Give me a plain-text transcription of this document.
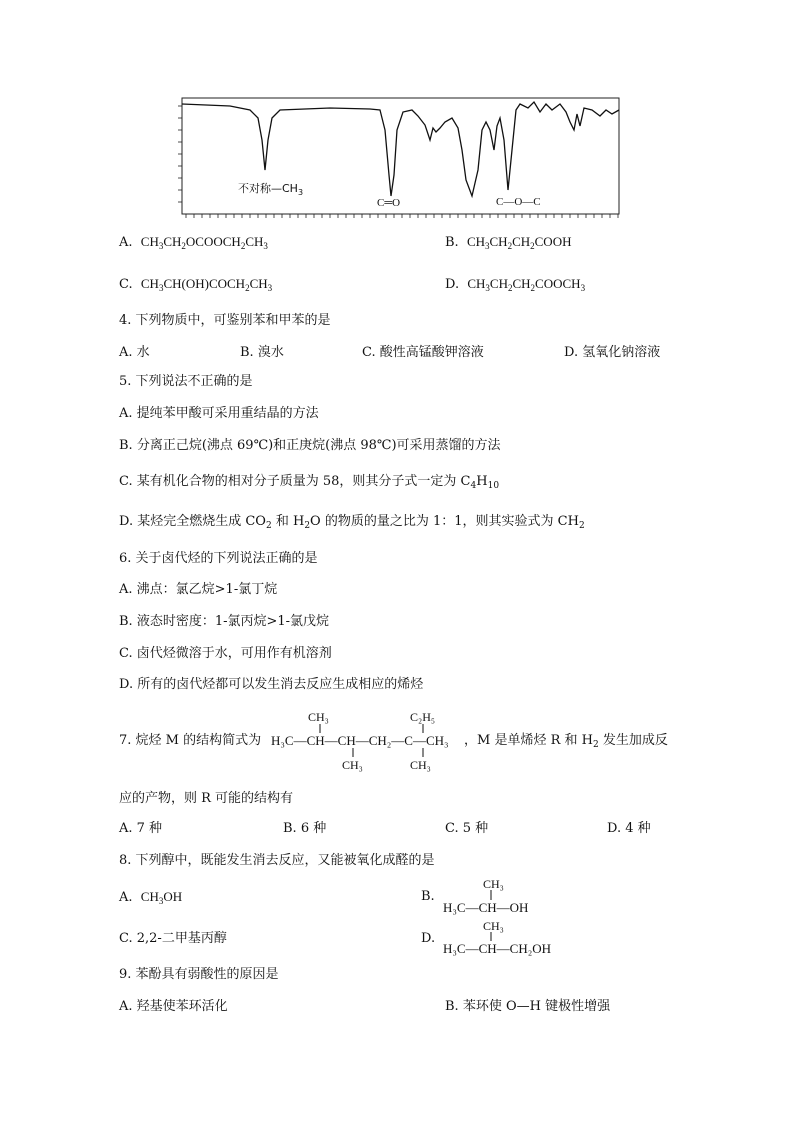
不对称$—CH_3$
C═O	C—O—C
A. $CH_3CH_2OCOOCH_2CH_3$	B. $CH_3CH_2CH_2COOH$
C. $CH_3CH(OH)COCH_2CH_3$	D. $CH_3CH_2CH_2COOCH_3$
4. 下列物质中，可鉴别苯和甲苯的是
A. 水	B. 溴水	C. 酸性高锰酸钾溶液	D. 氢氧化钠溶液
5. 下列说法不正确的是
A. 提纯苯甲酸可采用重结晶的方法
B. 分离正己烷(沸点 69℃)和正庚烷(沸点 98℃)可采用蒸馏的方法
C. 某有机化合物的相对分子质量为 58，则其分子式一定为 $C_4H_{10}$
D. 某烃完全燃烧生成 $CO_2$ 和 $H_2O$ 的物质的量之比为 1：1，则其实验式为 $CH_2$
6. 关于卤代烃的下列说法正确的是
A. 沸点：氯乙烷>1-氯丁烷
B. 液态时密度：1-氯丙烷>1-氯戊烷
C. 卤代烃微溶于水，可用作有机溶剂
D. 所有的卤代烃都可以发生消去反应生成相应的烯烃
7. 烷烃 M 的结构简式为 H₃C—CH—CH—CH₂—C—CH₃
CH₃	C₂H₅
CH₃	CH₃
，M 是单烯烃 R 和 $H_2$ 发生加成反
应的产物，则 R 可能的结构有
A. 7 种	B. 6 种	C. 5 种	D. 4 种
8. 下列醇中，既能发生消去反应，又能被氧化成醛的是
A. $CH_3OH$	B.
CH₃
H₃C—CH—OH
C. 2,2-二甲基丙醇	D.
CH₃
H₃C—CH—CH₂OH
9. 苯酚具有弱酸性的原因是
A. 羟基使苯环活化	B. 苯环使 O—H 键极性增强
